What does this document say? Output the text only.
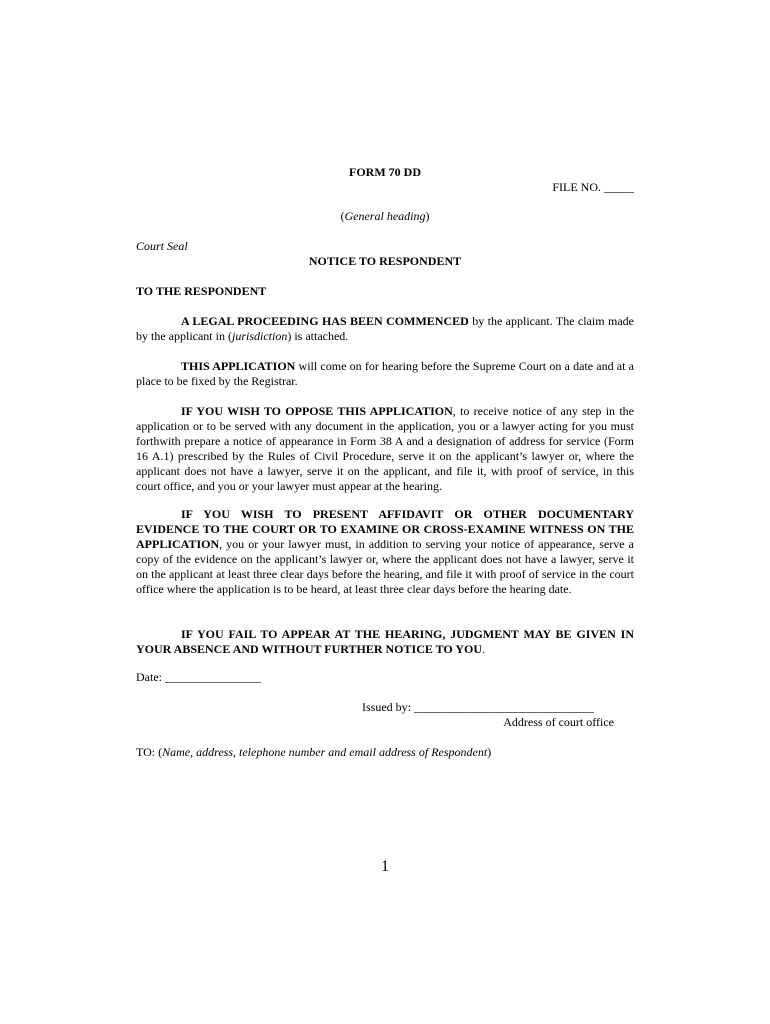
FORM 70 DD
FILE NO. _____
(General heading)
Court Seal
NOTICE TO RESPONDENT
TO THE RESPONDENT
A LEGAL PROCEEDING HAS BEEN COMMENCED by the applicant. The claim made by the applicant in (jurisdiction) is attached.
THIS APPLICATION will come on for hearing before the Supreme Court on a date and at a place to be fixed by the Registrar.
IF YOU WISH TO OPPOSE THIS APPLICATION, to receive notice of any step in the application or to be served with any document in the application, you or a lawyer acting for you must forthwith prepare a notice of appearance in Form 38 A and a designation of address for service (Form 16 A.1) prescribed by the Rules of Civil Procedure, serve it on the applicant’s lawyer or, where the applicant does not have a lawyer, serve it on the applicant, and file it, with proof of service, in this court office, and you or your lawyer must appear at the hearing.
IF YOU WISH TO PRESENT AFFIDAVIT OR OTHER DOCUMENTARY EVIDENCE TO THE COURT OR TO EXAMINE OR CROSS-EXAMINE WITNESS ON THE APPLICATION, you or your lawyer must, in addition to serving your notice of appearance, serve a copy of the evidence on the applicant’s lawyer or, where the applicant does not have a lawyer, serve it on the applicant at least three clear days before the hearing, and file it with proof of service in the court office where the application is to be heard, at least three clear days before the hearing date.
IF YOU FAIL TO APPEAR AT THE HEARING, JUDGMENT MAY BE GIVEN IN YOUR ABSENCE AND WITHOUT FURTHER NOTICE TO YOU.
Date: ________________
Issued by: ______________________________
Address of court office
TO: (Name, address, telephone number and email address of Respondent)
1
